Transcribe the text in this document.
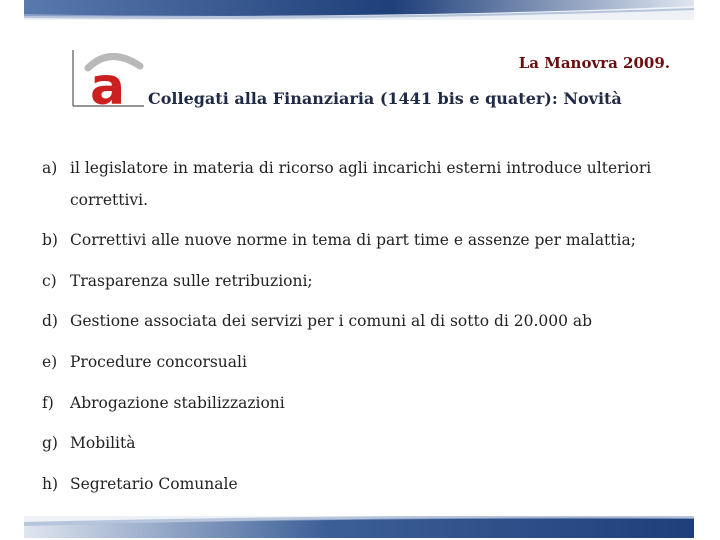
a	La Manovra 2009.
Collegati alla Finanziaria (1441 bis e quater): Novità
a) il legislatore in materia di ricorso agli incarichi esterni introduce ulteriori
correttivi.
b) Correttivi alle nuove norme in tema di part time e assenze per malattia;
c) Trasparenza sulle retribuzioni;
d) Gestione associata dei servizi per i comuni al di sotto di 20.000 ab
e) Procedure concorsuali
f) Abrogazione stabilizzazioni
g) Mobilità
h) Segretario Comunale
